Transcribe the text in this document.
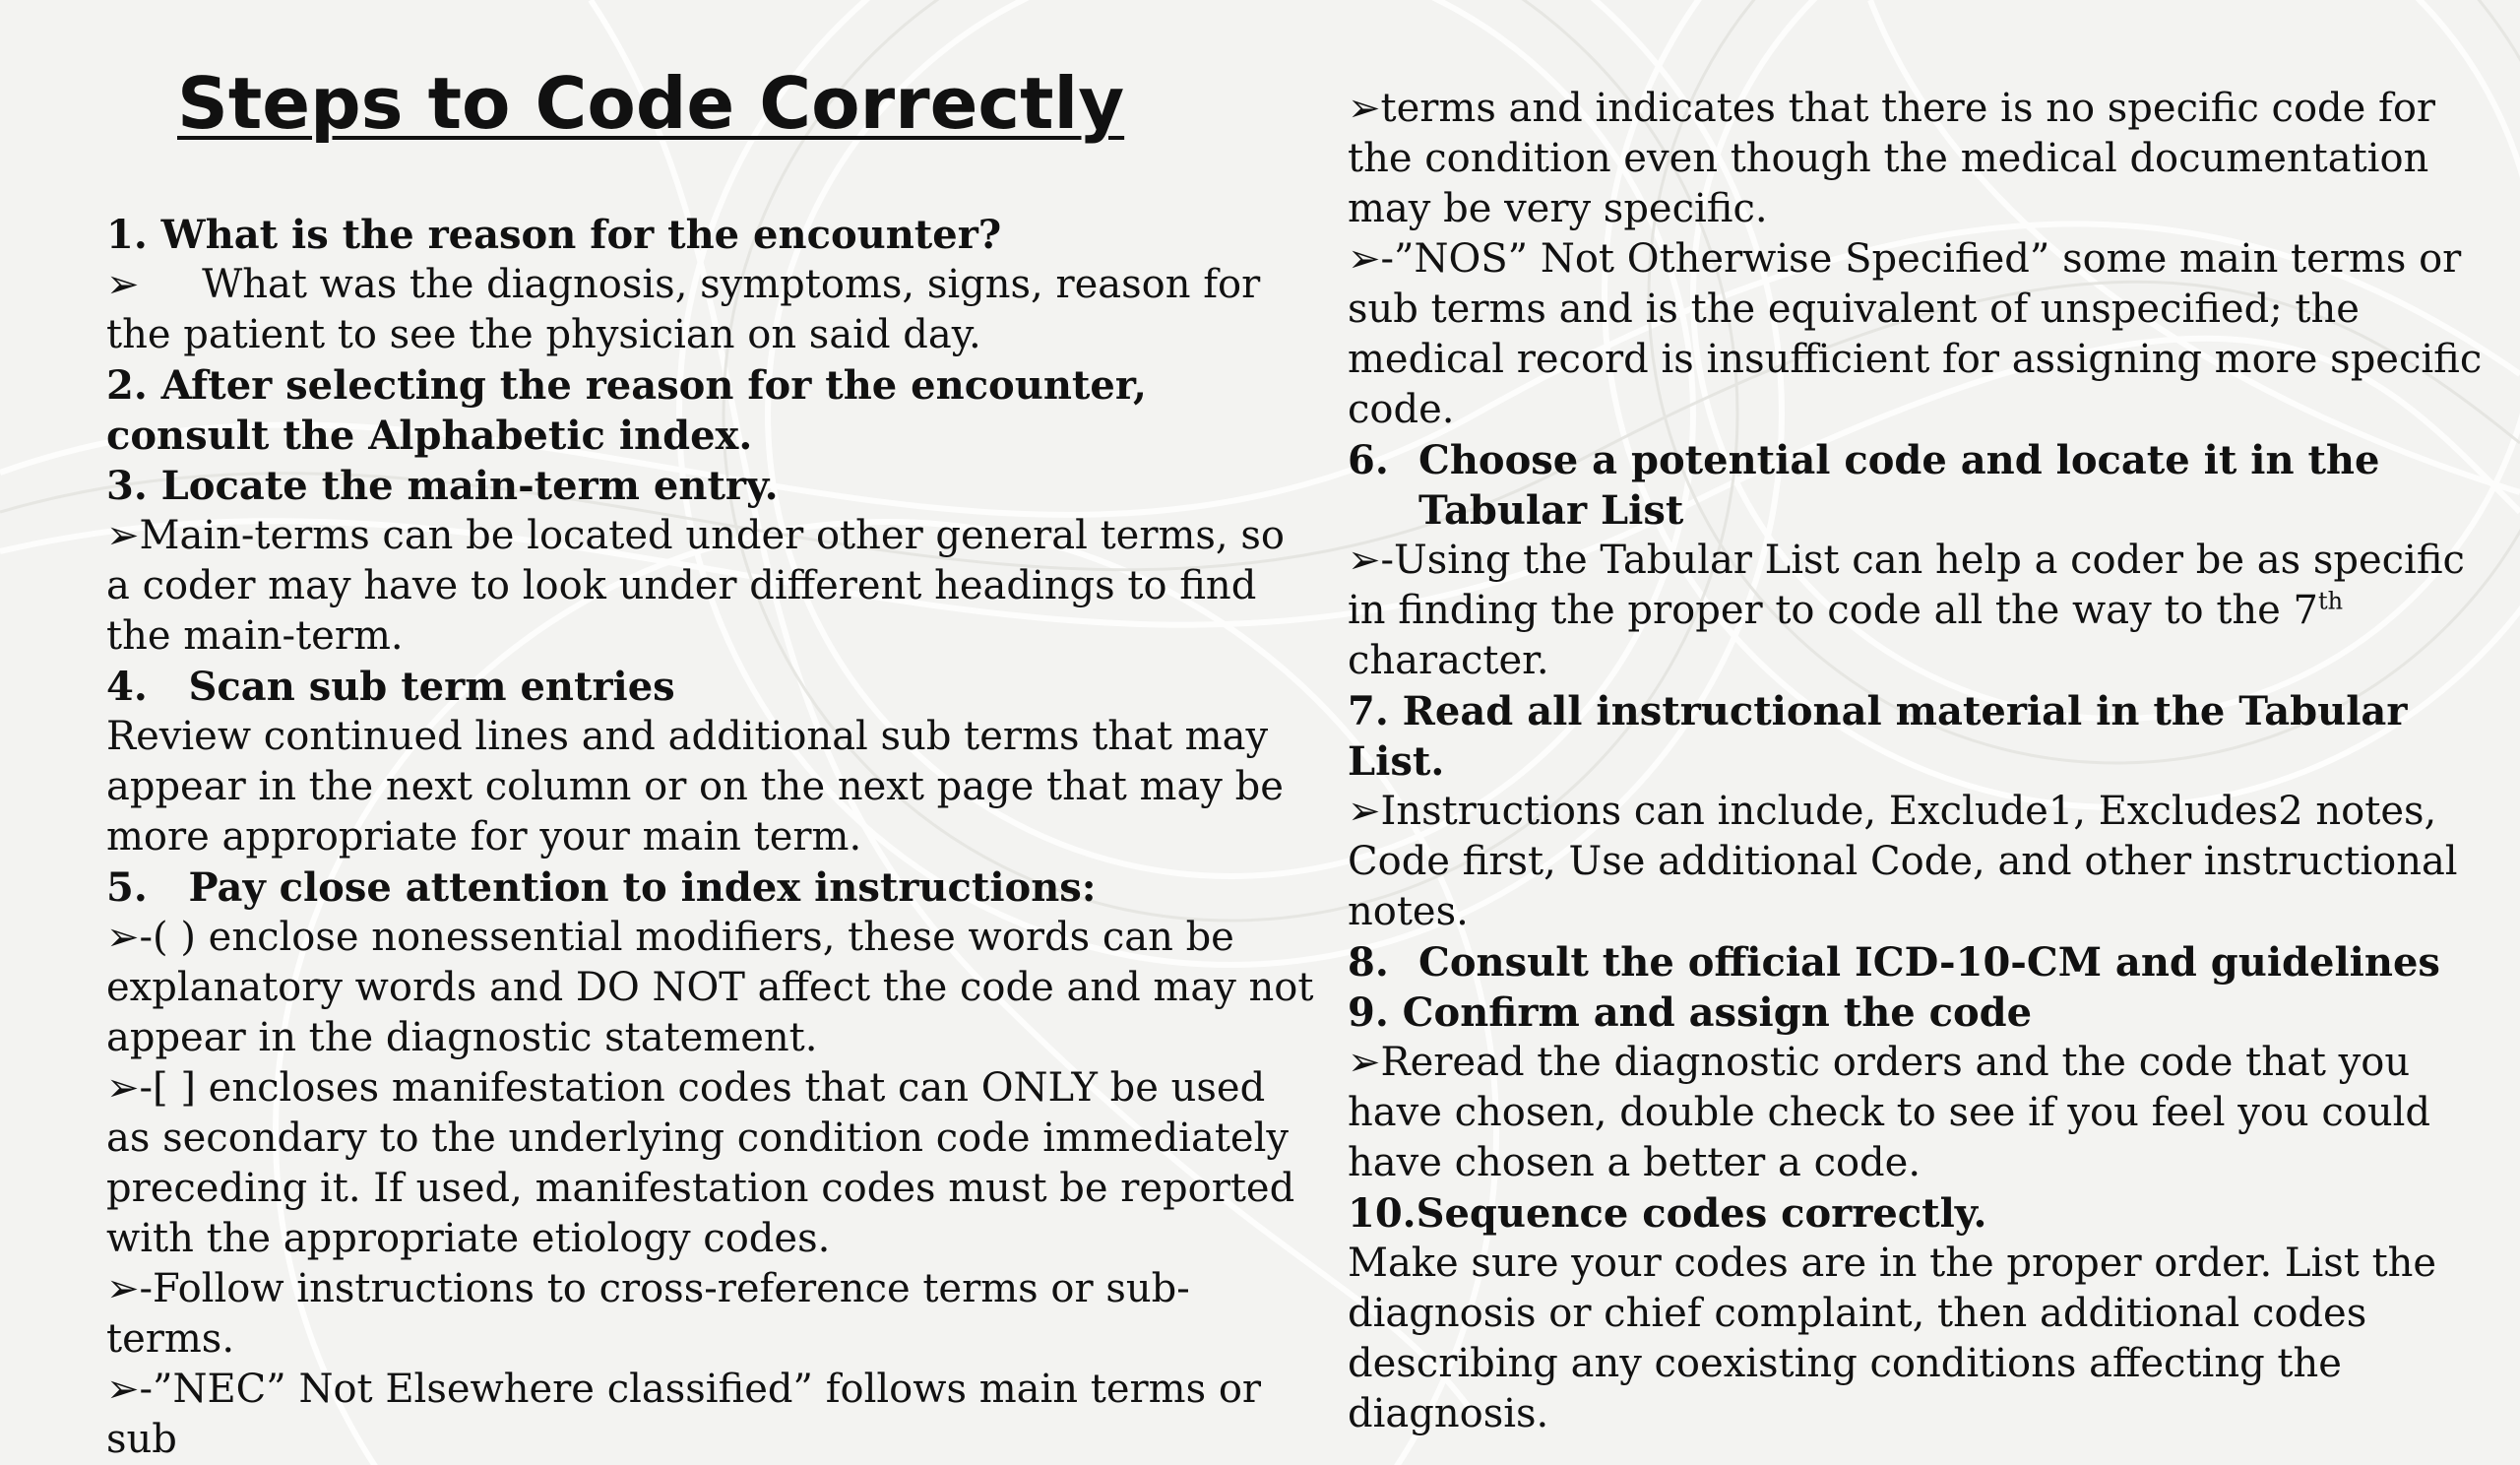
Steps to Code Correctly

1. What is the reason for the encounter?

➢     What was the diagnosis, symptoms, signs, reason for the patient to see the physician on said day.

2. After selecting the reason for the encounter, consult the Alphabetic index.

3. Locate the main-term entry.

➢Main-terms can be located under other general terms, so a coder may have to look under different headings to find the main-term.

4.   Scan sub term entries

Review continued lines and additional sub terms that may appear in the next column or on the next page that may be more appropriate for your main term.

5.   Pay close attention to index instructions:

➢-( ) enclose nonessential modifiers, these words can be explanatory words and DO NOT affect the code and may not appear in the diagnostic statement.

➢-[ ] encloses manifestation codes that can ONLY be used as secondary to the underlying condition code immediately preceding it. If used, manifestation codes must be reported with the appropriate etiology codes.

➢-Follow instructions to cross-reference terms or sub-terms.

➢-”NEC” Not Elsewhere classified” follows main terms or sub

➢terms and indicates that there is no specific code for the condition even though the medical documentation may be very specific.

➢-”NOS” Not Otherwise Specified” some main terms or sub terms and is the equivalent of unspecified; the medical record is insufficient for assigning more specific code.

6. Choose a potential code and locate it in the Tabular List

➢-Using the Tabular List can help a coder be as specific in finding the proper to code all the way to the 7th character.

7. Read all instructional material in the Tabular List.

➢Instructions can include, Exclude1, Excludes2 notes, Code first, Use additional Code, and other instructional notes.

8. Consult the official ICD-10-CM and guidelines

9. Confirm and assign the code

➢Reread the diagnostic orders and the code that you have chosen, double check to see if you feel you could have chosen a better a code.

10.Sequence codes correctly.

Make sure your codes are in the proper order. List the diagnosis or chief complaint, then additional codes describing any coexisting conditions affecting the diagnosis.
